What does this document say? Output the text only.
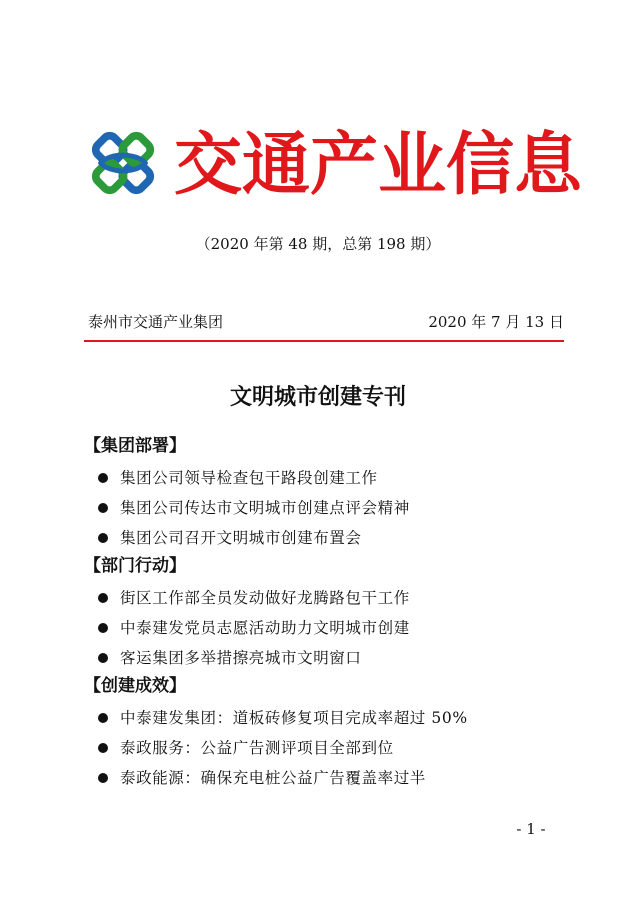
交通产业信息
（2020 年第 48 期，总第 198 期）
泰州市交通产业集团	2020 年 7 月 13 日
文明城市创建专刊
【集团部署】
集团公司领导检查包干路段创建工作
集团公司传达市文明城市创建点评会精神
集团公司召开文明城市创建布置会
【部门行动】
街区工作部全员发动做好龙腾路包干工作
中泰建发党员志愿活动助力文明城市创建
客运集团多举措擦亮城市文明窗口
【创建成效】
中泰建发集团：道板砖修复项目完成率超过 50%
泰政服务：公益广告测评项目全部到位
泰政能源：确保充电桩公益广告覆盖率过半
- 1 -
